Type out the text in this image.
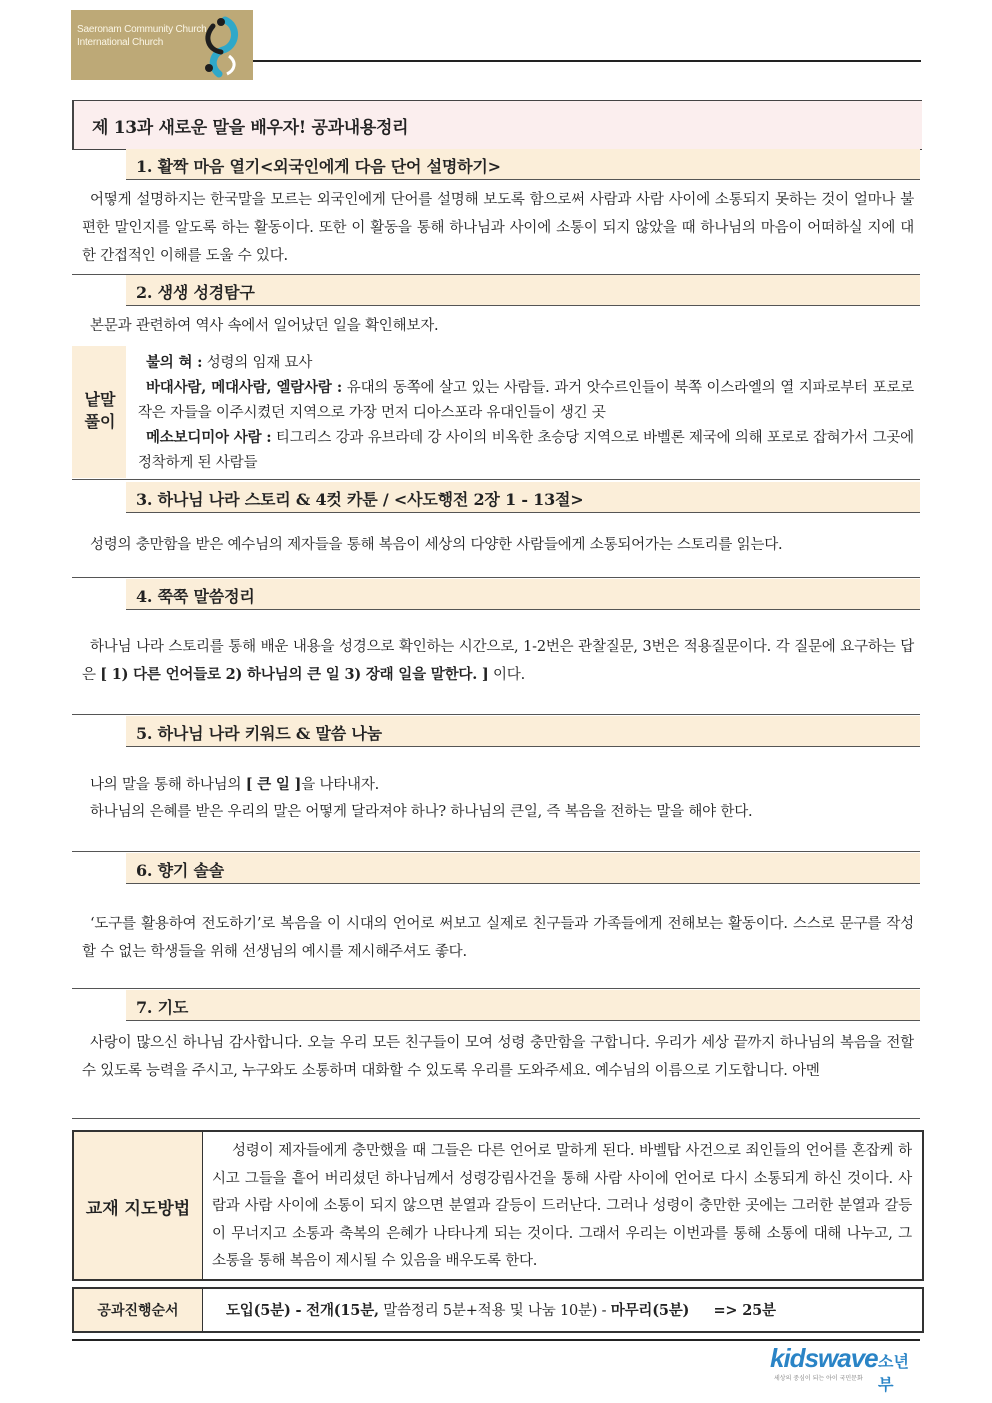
Saeronam Community Church
International Church
제 13과 새로운 말을 배우자! 공과내용정리
1. 활짝 마음 열기<외국인에게 다음 단어 설명하기>
어떻게 설명하지는 한국말을 모르는 외국인에게 단어를 설명해 보도록 함으로써 사람과 사람 사이에 소통되지 못하는 것이 얼마나 불편한 말인지를 알도록 하는 활동이다. 또한 이 활동을 통해 하나님과 사이에 소통이 되지 않았을 때 하나님의 마음이 어떠하실 지에 대한 간접적인 이해를 도울 수 있다.
2. 생생 성경탐구
본문과 관련하여 역사 속에서 일어났던 일을 확인해보자.
낱말
풀이
불의 혀 : 성령의 임재 묘사
바대사람, 메대사람, 엘람사람 : 유대의 동쪽에 살고 있는 사람들. 과거 앗수르인들이 북쪽 이스라엘의 열 지파로부터 포로로 작은 자들을 이주시켰던 지역으로 가장 먼저 디아스포라 유대인들이 생긴 곳
메소보디미아 사람 : 티그리스 강과 유브라데 강 사이의 비옥한 초승당 지역으로 바벨론 제국에 의해 포로로 잡혀가서 그곳에 정착하게 된 사람들
3. 하나님 나라 스토리 & 4컷 카툰 / <사도행전 2장 1 - 13절>
성령의 충만함을 받은 예수님의 제자들을 통해 복음이 세상의 다양한 사람들에게 소통되어가는 스토리를 읽는다.
4. 쭉쭉 말씀정리
하나님 나라 스토리를 통해 배운 내용을 성경으로 확인하는 시간으로, 1-2번은 관찰질문, 3번은 적용질문이다. 각 질문에 요구하는 답은 [ 1) 다른 언어들로 2) 하나님의 큰 일 3) 장래 일을 말한다. ] 이다.
5. 하나님 나라 키워드 & 말씀 나눔
나의 말을 통해 하나님의 [ 큰 일 ]을 나타내자.
하나님의 은혜를 받은 우리의 말은 어떻게 달라져야 하나? 하나님의 큰일, 즉 복음을 전하는 말을 해야 한다.
6. 향기 솔솔
‘도구를 활용하여 전도하기’로 복음을 이 시대의 언어로 써보고 실제로 친구들과 가족들에게 전해보는 활동이다. 스스로 문구를 작성할 수 없는 학생들을 위해 선생님의 예시를 제시해주셔도 좋다.
7. 기도
사랑이 많으신 하나님 감사합니다. 오늘 우리 모든 친구들이 모여 성령 충만함을 구합니다. 우리가 세상 끝까지 하나님의 복음을 전할 수 있도록 능력을 주시고, 누구와도 소통하며 대화할 수 있도록 우리를 도와주세요. 예수님의 이름으로 기도합니다. 아멘
교재 지도방법
성령이 제자들에게 충만했을 때 그들은 다른 언어로 말하게 된다. 바벨탑 사건으로 죄인들의 언어를 혼잡케 하시고 그들을 흩어 버리셨던 하나님께서 성령강림사건을 통해 사람 사이에 언어로 다시 소통되게 하신 것이다. 사람과 사람 사이에 소통이 되지 않으면 분열과 갈등이 드러난다. 그러나 성령이 충만한 곳에는 그러한 분열과 갈등이 무너지고 소통과 축복의 은혜가 나타나게 되는 것이다. 그래서 우리는 이번과를 통해 소통에 대해 나누고, 그 소통을 통해 복음이 제시될 수 있음을 배우도록 한다.
공과진행순서	도입(5분) - 전개(15분, 말씀정리 5분+적용 및 나눔 10분) - 마무리(5분)     => 25분
kidswave 소년부
세상의 중심이 되는 아이 국민문화
